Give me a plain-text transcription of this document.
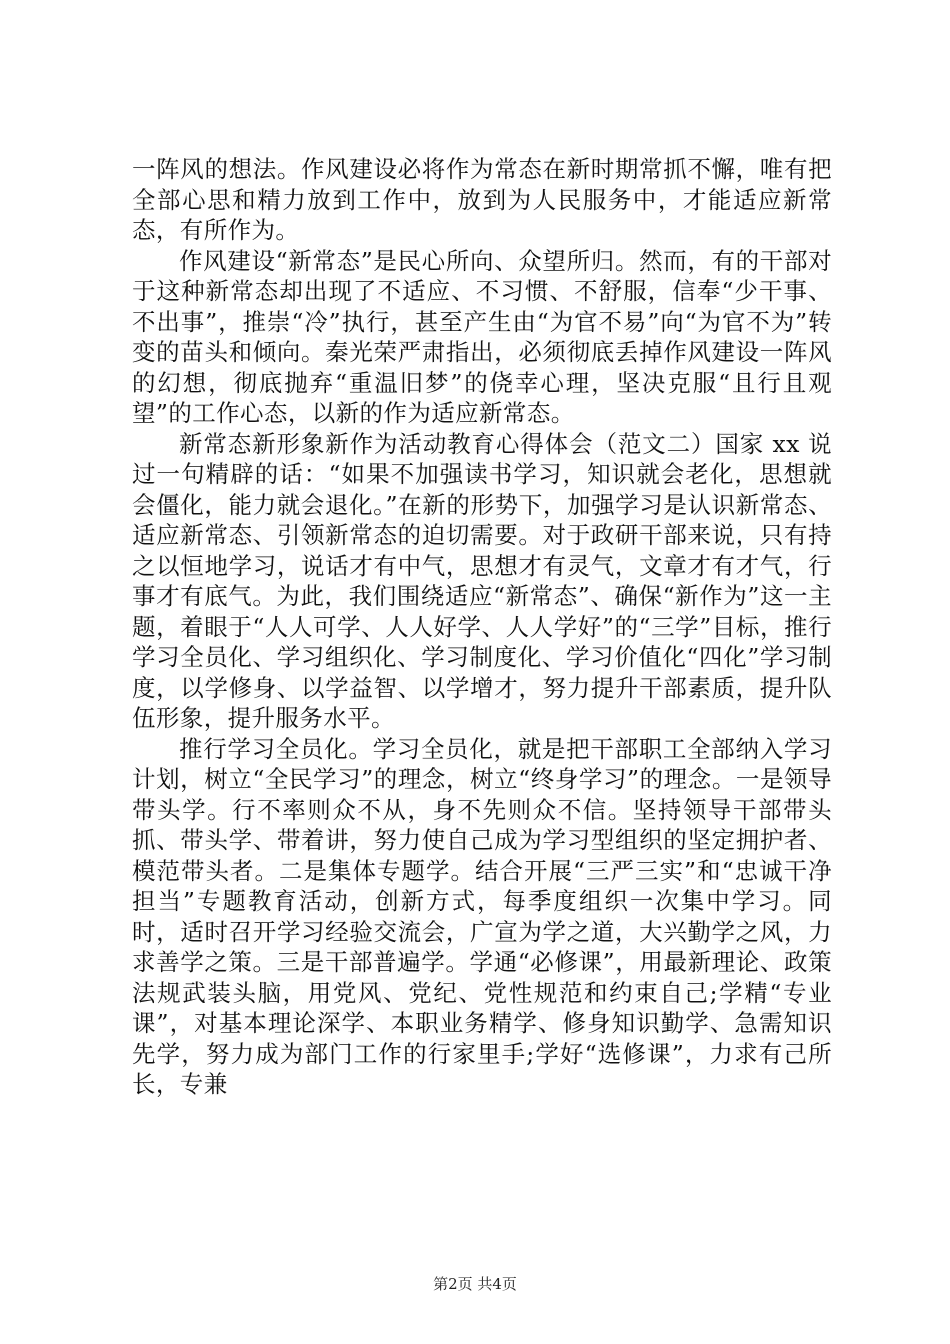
一阵风的想法。作风建设必将作为常态在新时期常抓不懈，唯有把全部心思和精力放到工作中，放到为人民服务中，才能适应新常态，有所作为。

作风建设“新常态”是民心所向、众望所归。然而，有的干部对于这种新常态却出现了不适应、不习惯、不舒服，信奉“少干事、不出事”，推崇“冷”执行，甚至产生由“为官不易”向“为官不为”转变的苗头和倾向。秦光荣严肃指出，必须彻底丢掉作风建设一阵风的幻想，彻底抛弃“重温旧梦”的侥幸心理，坚决克服“且行且观望”的工作心态，以新的作为适应新常态。

新常态新形象新作为活动教育心得体会（范文二）国家 xx 说过一句精辟的话：“如果不加强读书学习，知识就会老化，思想就会僵化，能力就会退化。”在新的形势下，加强学习是认识新常态、适应新常态、引领新常态的迫切需要。对于政研干部来说，只有持之以恒地学习，说话才有中气，思想才有灵气，文章才有才气，行事才有底气。为此，我们围绕适应“新常态”、确保“新作为”这一主题，着眼于“人人可学、人人好学、人人学好”的“三学”目标，推行学习全员化、学习组织化、学习制度化、学习价值化“四化”学习制度，以学修身、以学益智、以学增才，努力提升干部素质，提升队伍形象，提升服务水平。

推行学习全员化。学习全员化，就是把干部职工全部纳入学习计划，树立“全民学习”的理念，树立“终身学习”的理念。一是领导带头学。行不率则众不从，身不先则众不信。坚持领导干部带头抓、带头学、带着讲，努力使自己成为学习型组织的坚定拥护者、模范带头者。二是集体专题学。结合开展“三严三实”和“忠诚干净担当”专题教育活动，创新方式，每季度组织一次集中学习。同时，适时召开学习经验交流会，广宣为学之道，大兴勤学之风，力求善学之策。三是干部普遍学。学通“必修课”，用最新理论、政策法规武装头脑，用党风、党纪、党性规范和约束自己;学精“专业课”，对基本理论深学、本职业务精学、修身知识勤学、急需知识先学，努力成为部门工作的行家里手;学好“选修课”，力求有己所长，专兼

第2页 共4页
